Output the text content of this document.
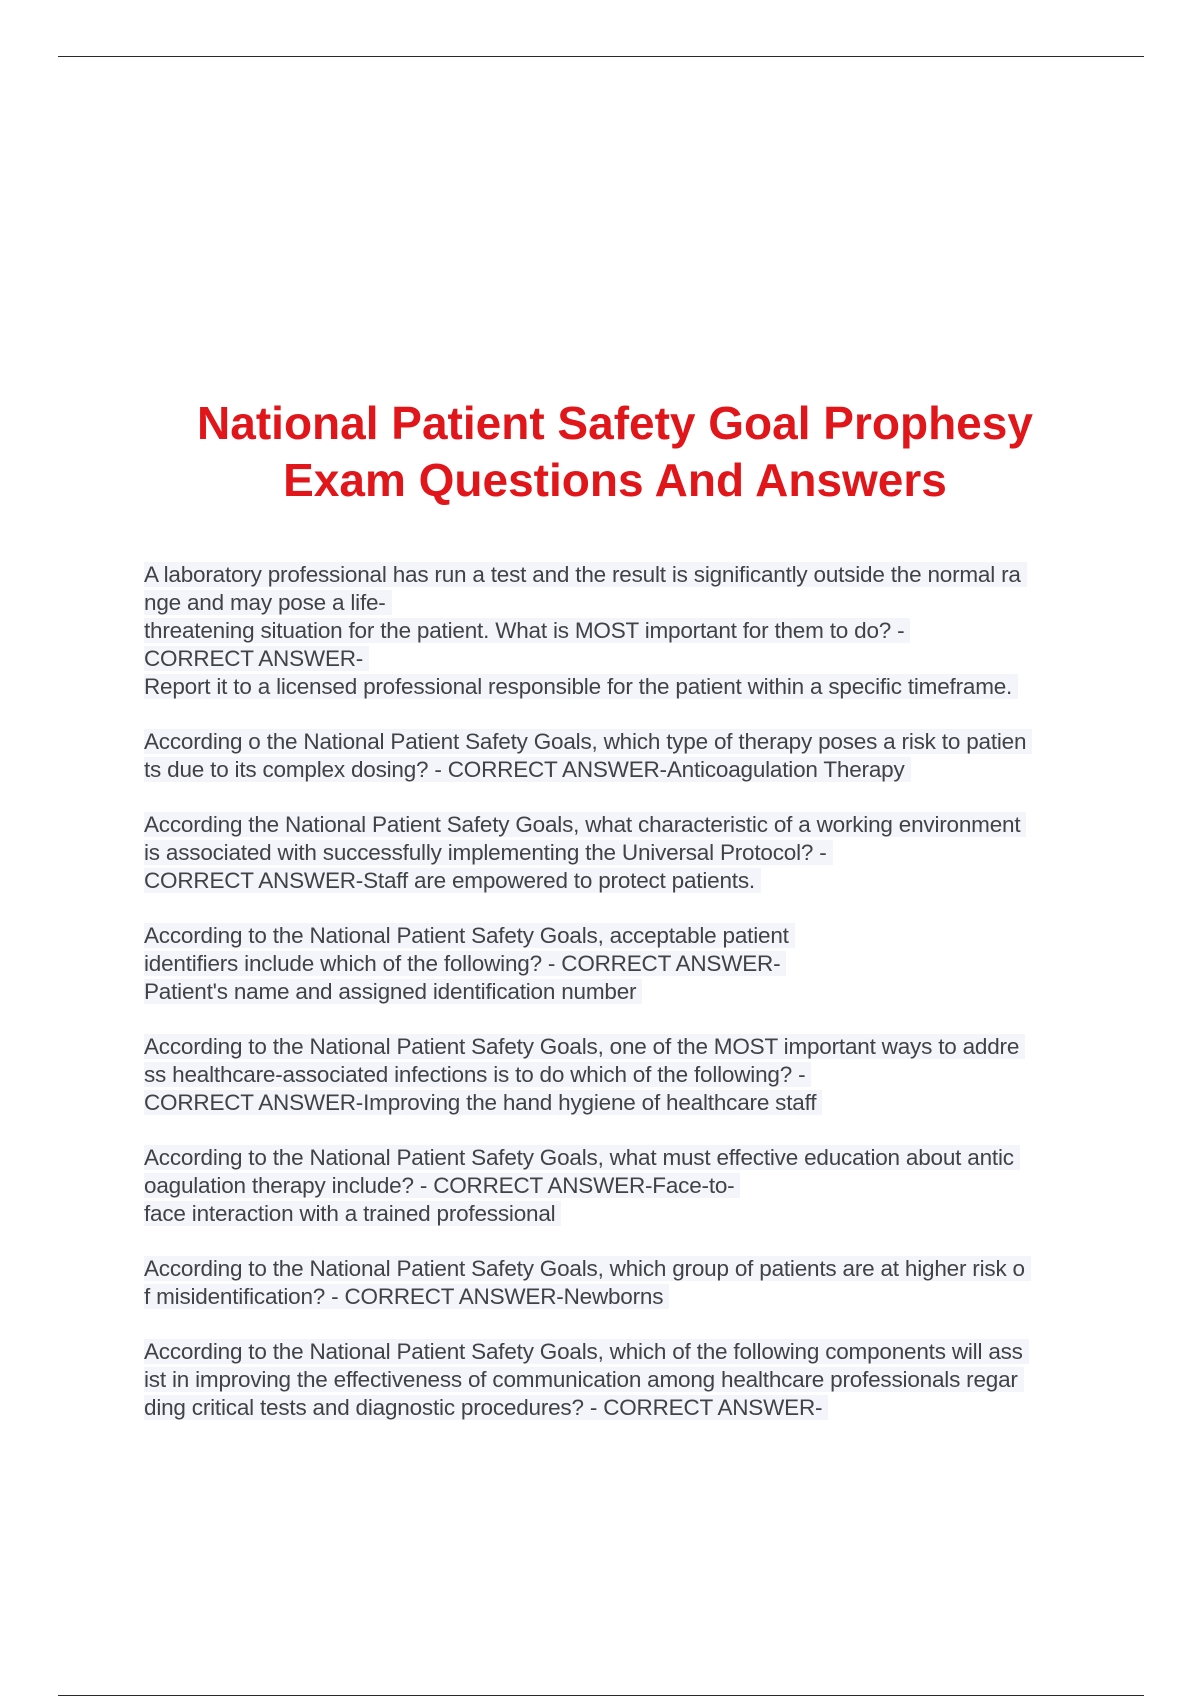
National Patient Safety Goal Prophesy
Exam Questions And Answers
A laboratory professional has run a test and the result is significantly outside the normal ra
nge and may pose a life-
threatening situation for the patient. What is MOST important for them to do? -
CORRECT ANSWER-
Report it to a licensed professional responsible for the patient within a specific timeframe.
According o the National Patient Safety Goals, which type of therapy poses a risk to patien
ts due to its complex dosing? - CORRECT ANSWER-Anticoagulation Therapy
According the National Patient Safety Goals, what characteristic of a working environment
is associated with successfully implementing the Universal Protocol? -
CORRECT ANSWER-Staff are empowered to protect patients.
According to the National Patient Safety Goals, acceptable patient
identifiers include which of the following? - CORRECT ANSWER-
Patient's name and assigned identification number
According to the National Patient Safety Goals, one of the MOST important ways to addre
ss healthcare-associated infections is to do which of the following? -
CORRECT ANSWER-Improving the hand hygiene of healthcare staff
According to the National Patient Safety Goals, what must effective education about antic
oagulation therapy include? - CORRECT ANSWER-Face-to-
face interaction with a trained professional
According to the National Patient Safety Goals, which group of patients are at higher risk o
f misidentification? - CORRECT ANSWER-Newborns
According to the National Patient Safety Goals, which of the following components will ass
ist in improving the effectiveness of communication among healthcare professionals regar
ding critical tests and diagnostic procedures? - CORRECT ANSWER-
